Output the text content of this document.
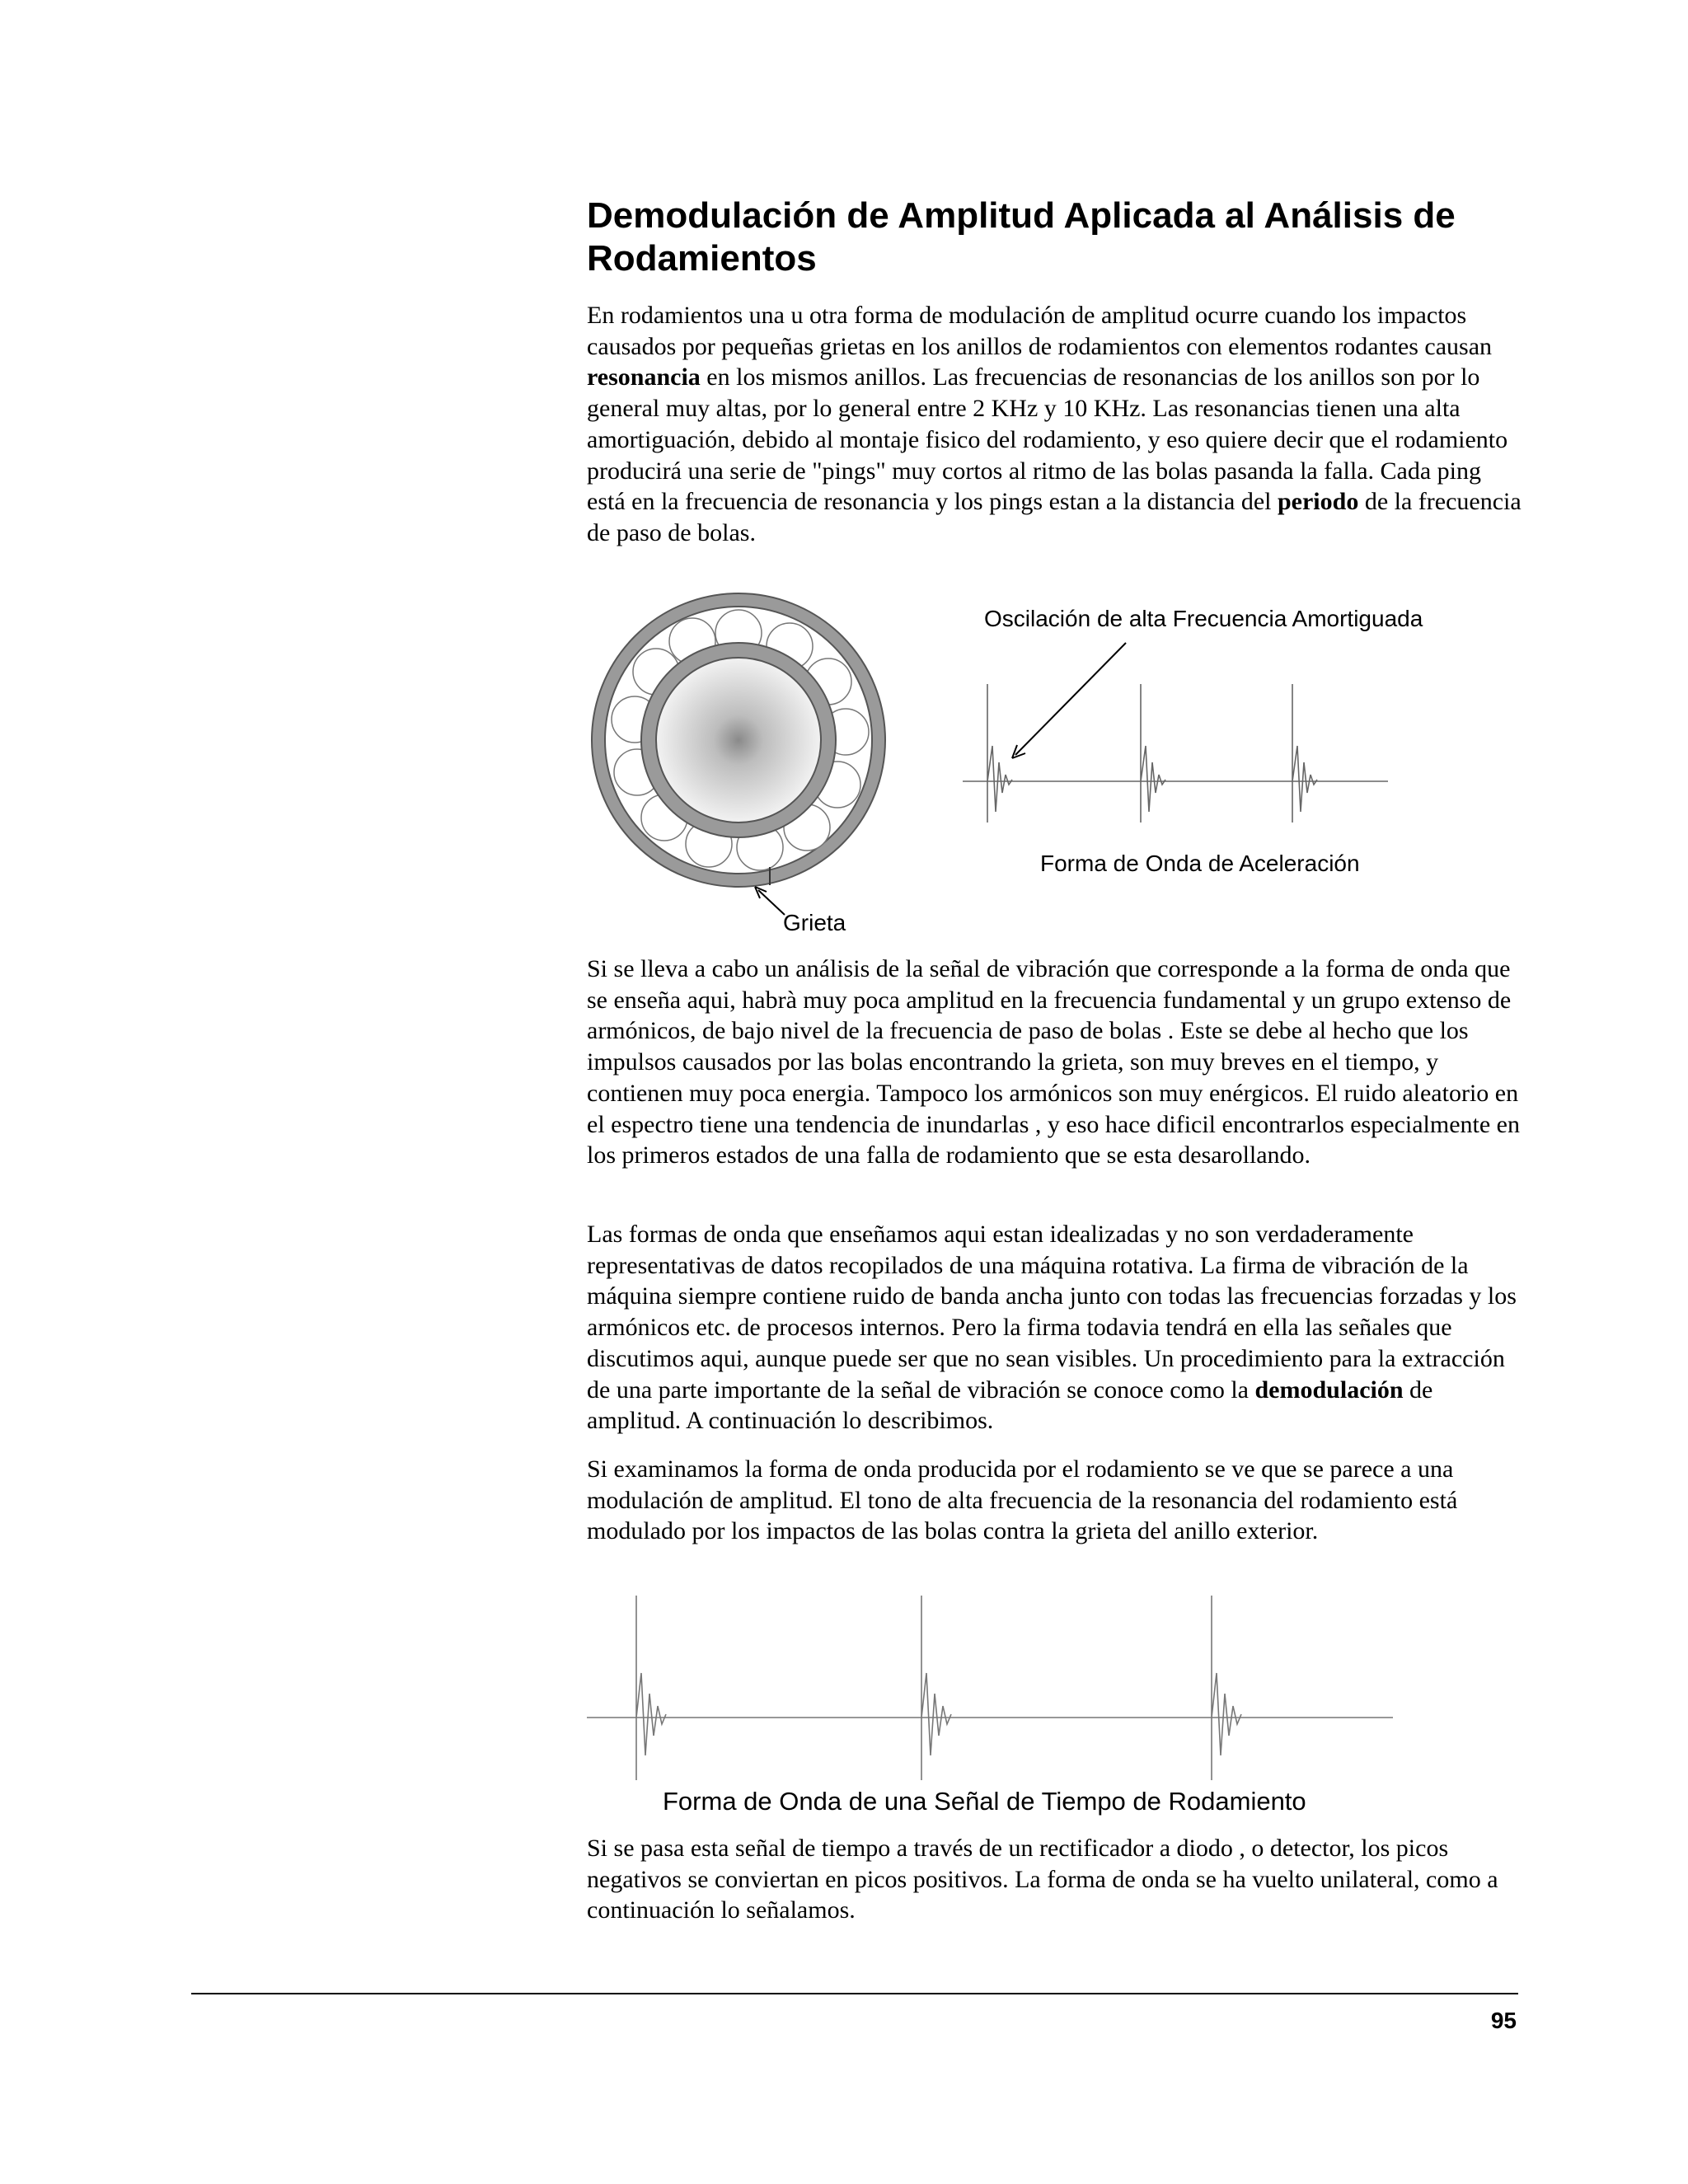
Demodulación de Amplitud Aplicada al Análisis de Rodamientos

En rodamientos una u otra forma de modulación de amplitud ocurre cuando los impactos causados por pequeñas grietas en los anillos de rodamientos con elementos rodantes causan resonancia en los mismos anillos. Las frecuencias de resonancias de los anillos son por lo general muy altas, por lo general entre 2 KHz y 10 KHz. Las resonancias tienen una alta amortiguación, debido al montaje fisico del rodamiento, y eso quiere decir que el rodamiento producirá una serie de "pings" muy cortos al ritmo de las bolas pasanda la falla. Cada ping está en la frecuencia de resonancia y los pings estan a la distancia del periodo de la frecuencia de paso de bolas.

Oscilación de alta Frecuencia Amortiguada
Forma de Onda de Aceleración
Grieta

Si se lleva a cabo un análisis de la señal de vibración que corresponde a la forma de onda que se enseña aqui, habrà muy poca amplitud en la frecuencia fundamental y un grupo extenso de armónicos, de bajo nivel de la frecuencia de paso de bolas . Este se debe al hecho que los impulsos causados por las bolas encontrando la grieta, son muy breves en el tiempo, y contienen muy poca energia. Tampoco los armónicos son muy enérgicos. El ruido aleatorio en el espectro tiene una tendencia de inundarlas , y eso hace dificil encontrarlos especialmente en los primeros estados de una falla de rodamiento que se esta desarollando.

Las formas de onda que enseñamos aqui estan idealizadas y no son verdaderamente representativas de datos recopilados de una máquina rotativa. La firma de vibración de la máquina siempre contiene ruido de banda ancha junto con todas las frecuencias forzadas y los armónicos etc. de procesos internos. Pero la firma todavia tendrá en ella las señales que discutimos aqui, aunque puede ser que no sean visibles. Un procedimiento para la extracción de una parte importante de la señal de vibración se conoce como la demodulación de amplitud. A continuación lo describimos.

Si examinamos la forma de onda producida por el rodamiento se ve que se parece a una modulación de amplitud. El tono de alta frecuencia de la resonancia del rodamiento está modulado por los impactos de las bolas contra la grieta del anillo exterior.

Forma de Onda de una Señal de Tiempo de Rodamiento

Si se pasa esta señal de tiempo a través de un rectificador a diodo , o detector, los picos negativos se conviertan en picos positivos. La forma de onda se ha vuelto unilateral, como a continuación lo señalamos.

95
